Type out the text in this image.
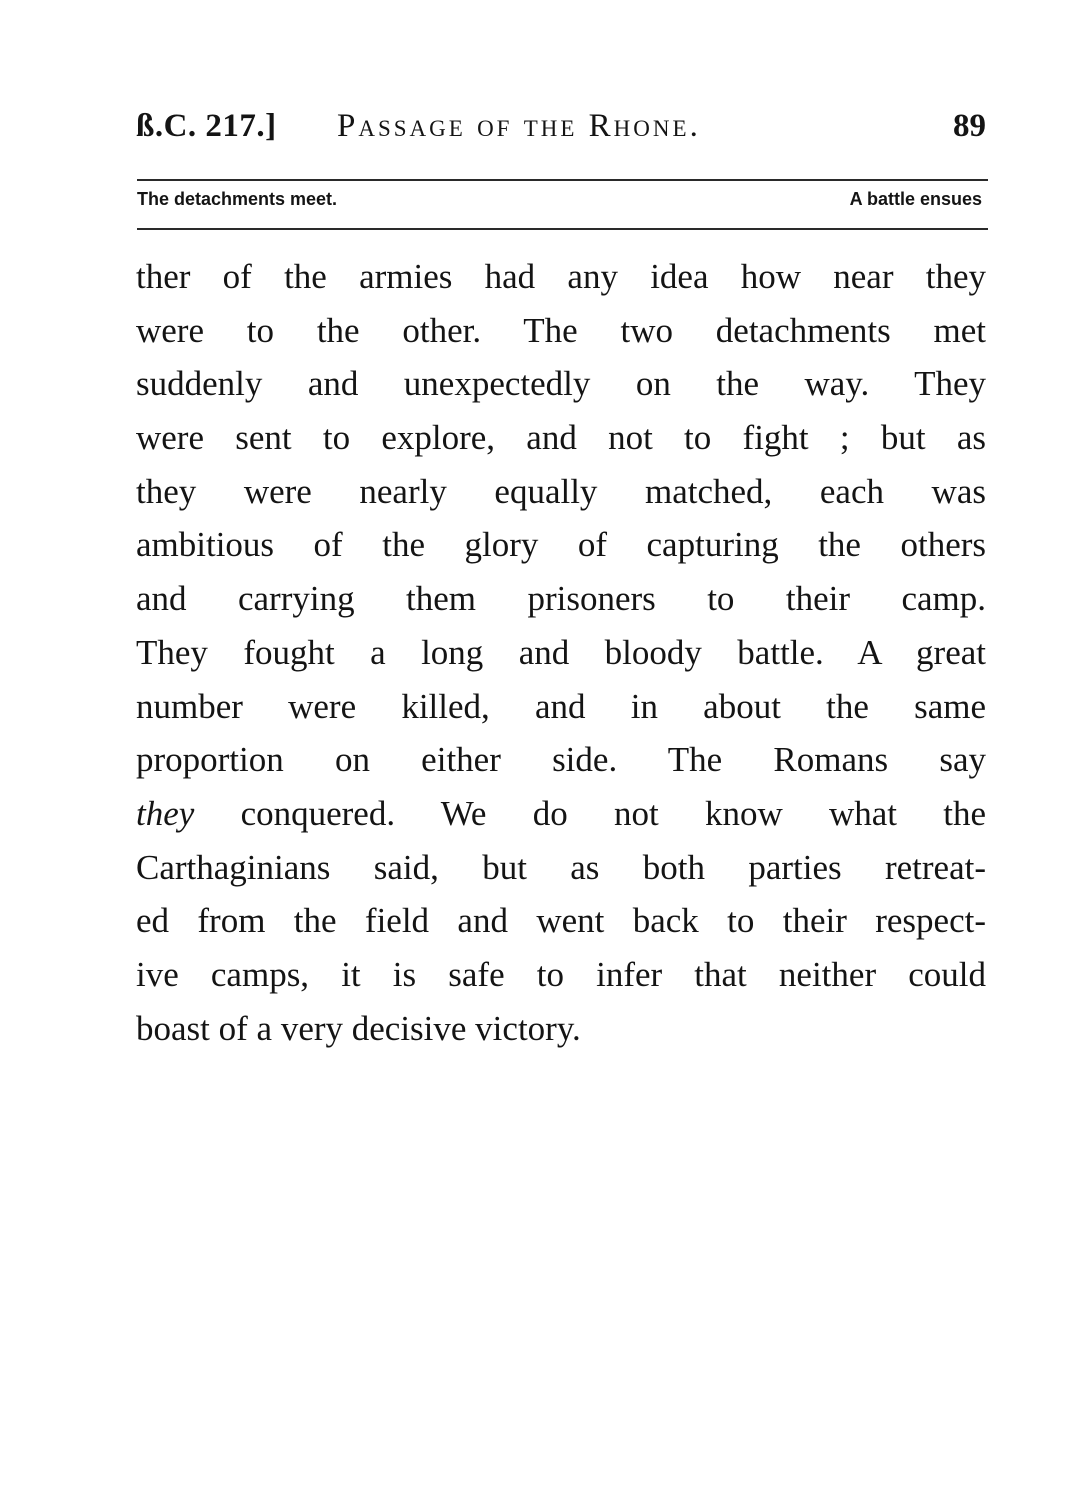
ß.C. 217.] Passage of the Rhone.	89
The detachments meet.	A battle ensues
ther of the armies had any idea how near they
were to the other. The two detachments met
suddenly and unexpectedly on the way. They
were sent to explore, and not to fight ; but as
they were nearly equally matched, each was
ambitious of the glory of capturing the others
and carrying them prisoners to their camp.
They fought a long and bloody battle. A great
number were killed, and in about the same
proportion on either side. The Romans say
they conquered. We do not know what the
Carthaginians said, but as both parties retreat-
ed from the field and went back to their respect-
ive camps, it is safe to infer that neither could
boast of a very decisive victory.
